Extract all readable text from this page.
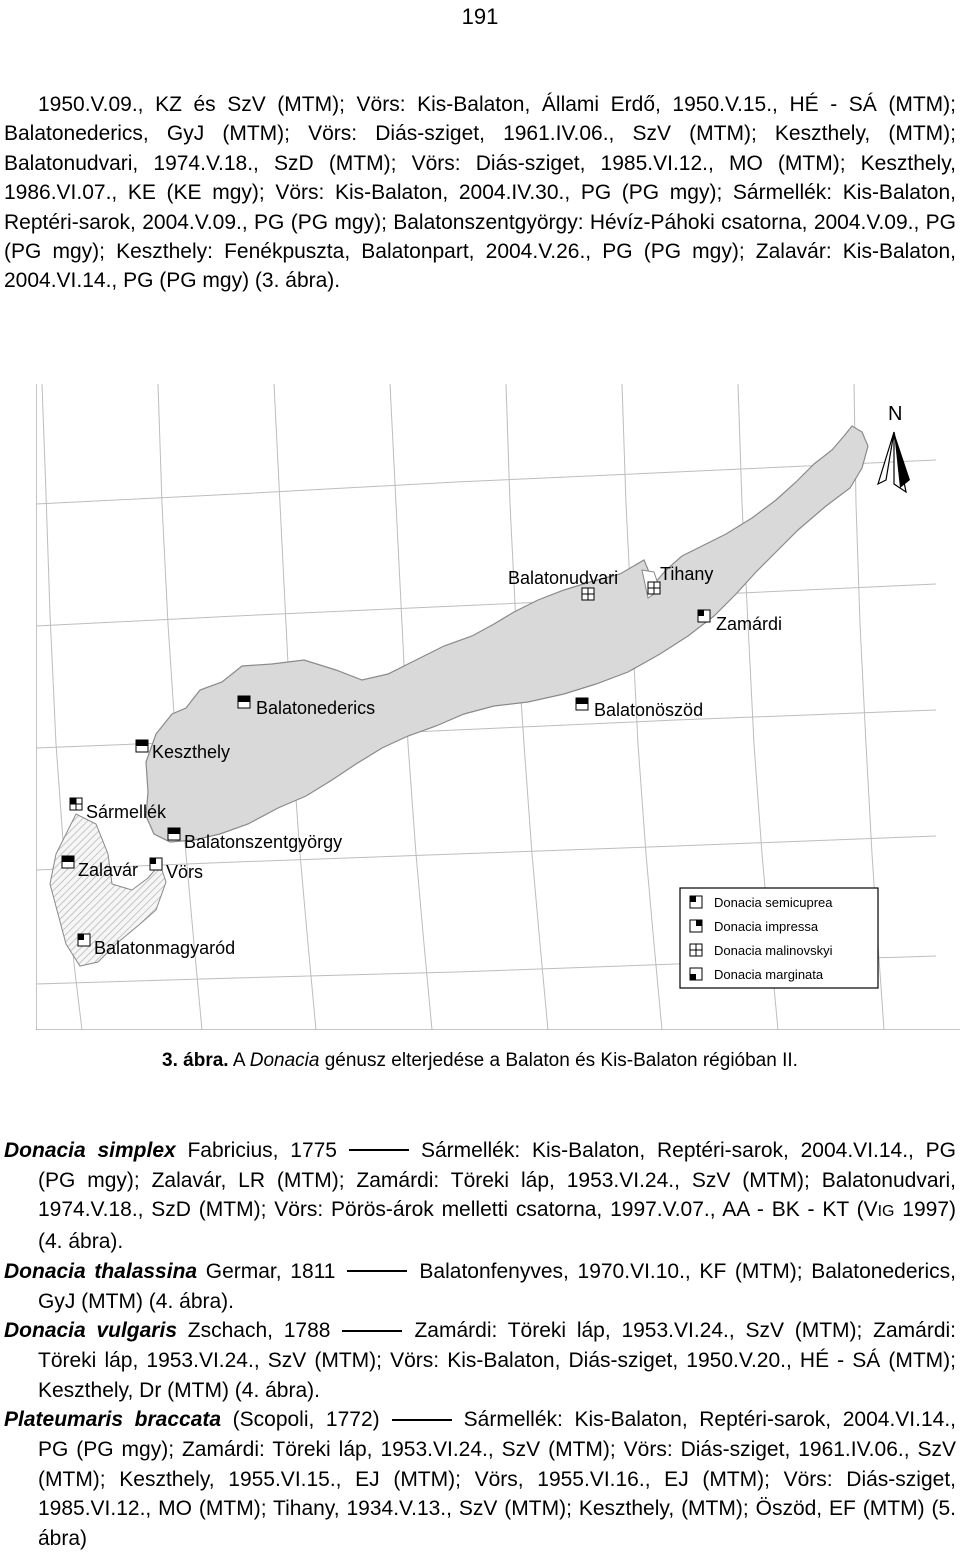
191

1950.V.09., KZ és SzV (MTM); Vörs: Kis-Balaton, Állami Erdő, 1950.V.15., HÉ - SÁ (MTM); Balatonederics, GyJ (MTM); Vörs: Diás-sziget, 1961.IV.06., SzV (MTM); Keszthely, (MTM); Balatonudvari, 1974.V.18., SzD (MTM); Vörs: Diás-sziget, 1985.VI.12., MO (MTM); Keszthely, 1986.VI.07., KE (KE mgy); Vörs: Kis-Balaton, 2004.IV.30., PG (PG mgy); Sármellék: Kis-Balaton, Reptéri-sarok, 2004.V.09., PG (PG mgy); Balatonszentgyörgy: Hévíz-Páhoki csatorna, 2004.V.09., PG (PG mgy); Keszthely: Fenékpuszta, Balatonpart, 2004.V.26., PG (PG mgy); Zalavár: Kis-Balaton, 2004.VI.14., PG (PG mgy) (3. ábra).

N
Balatonudvari Tihany
Zamárdi
Balatonederics	Balatonöszöd
Keszthely
Sármellék
Balatonszentgyörgy
Zalavár Vörs
Balatonmagyaród
Donacia semicuprea
Donacia impressa
Donacia malinovskyi
Donacia marginata
3. ábra. A Donacia génusz elterjedése a Balaton és Kis-Balaton régióban II.

Donacia simplex Fabricius, 1775	Sármellék: Kis-Balaton, Reptéri-sarok, 2004.VI.14., PG (PG mgy); Zalavár, LR (MTM); Zamárdi: Töreki láp, 1953.VI.24., SzV (MTM); Balatonudvari, 1974.V.18., SzD (MTM); Vörs: Pörös-árok melletti csatorna, 1997.V.07., AA - BK - KT (VIG 1997) (4. ábra).

Donacia thalassina Germar, 1811	Balatonfenyves, 1970.VI.10., KF (MTM); Balatonederics, GyJ (MTM) (4. ábra).

Donacia vulgaris Zschach, 1788	Zamárdi: Töreki láp, 1953.VI.24., SzV (MTM); Zamárdi: Töreki láp, 1953.VI.24., SzV (MTM); Vörs: Kis-Balaton, Diás-sziget, 1950.V.20., HÉ - SÁ (MTM); Keszthely, Dr (MTM) (4. ábra).

Plateumaris braccata (Scopoli, 1772)	Sármellék: Kis-Balaton, Reptéri-sarok, 2004.VI.14., PG (PG mgy); Zamárdi: Töreki láp, 1953.VI.24., SzV (MTM); Vörs: Diás-sziget, 1961.IV.06., SzV (MTM); Keszthely, 1955.VI.15., EJ (MTM); Vörs, 1955.VI.16., EJ (MTM); Vörs: Diás-sziget, 1985.VI.12., MO (MTM); Tihany, 1934.V.13., SzV (MTM); Keszthely, (MTM); Öszöd, EF (MTM) (5. ábra)
